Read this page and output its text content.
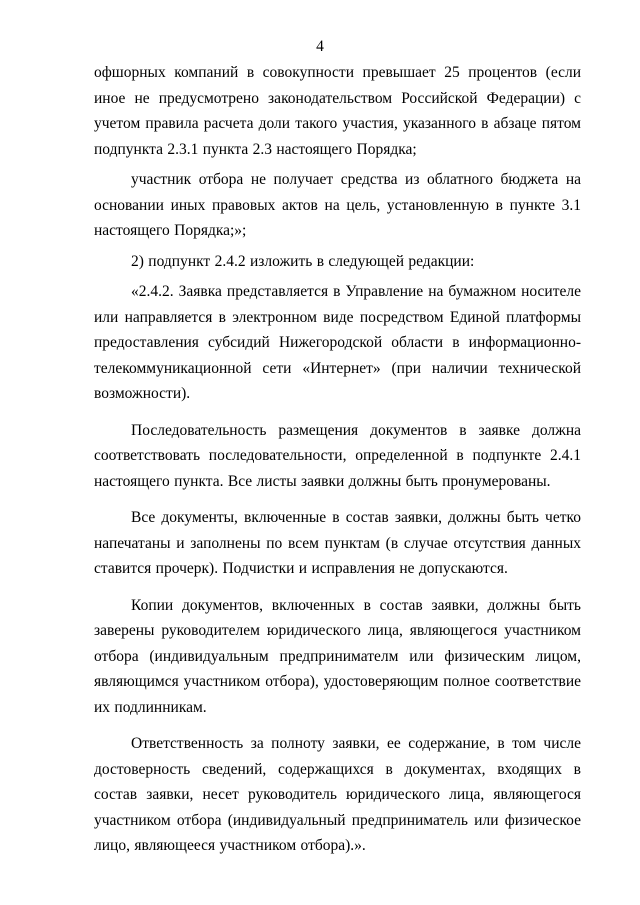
4

офшорных компаний в совокупности превышает 25 процентов (если иное не предусмотрено законодательством Российской Федерации) с учетом правила расчета доли такого участия, указанного в абзаце пятом подпункта 2.3.1 пункта 2.3 настоящего Порядка;

участник отбора не получает средства из облатного бюджета на основании иных правовых актов на цель, установленную в пункте 3.1 настоящего Порядка;»;

2) подпункт 2.4.2 изложить в следующей редакции:

«2.4.2. Заявка представляется в Управление на бумажном носителе или направляется в электронном виде посредством Единой платформы предоставления субсидий Нижегородской области в информационно-телекоммуникационной сети «Интернет» (при наличии технической возможности).

Последовательность размещения документов в заявке должна соответствовать последовательности, определенной в подпункте 2.4.1 настоящего пункта. Все листы заявки должны быть пронумерованы.

Все документы, включенные в состав заявки, должны быть четко напечатаны и заполнены по всем пунктам (в случае отсутствия данных ставится прочерк). Подчистки и исправления не допускаются.

Копии документов, включенных в состав заявки, должны быть заверены руководителем юридического лица, являющегося участником отбора (индивидуальным предпринимателм или физическим лицом, являющимся участником отбора), удостоверяющим полное соответствие их подлинникам.

Ответственность за полноту заявки, ее содержание, в том числе достоверность сведений, содержащихся в документах, входящих в состав заявки, несет руководитель юридического лица, являющегося участником отбора (индивидуальный предприниматель или физическое лицо, являющееся участником отбора).».
